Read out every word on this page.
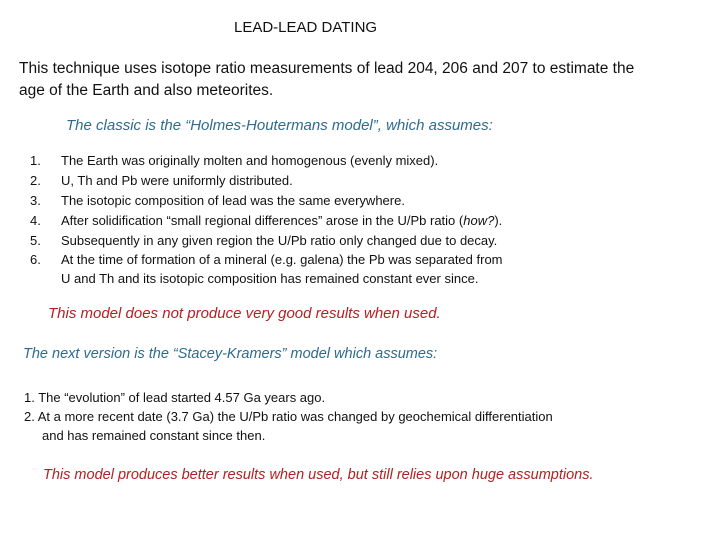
LEAD-LEAD DATING
This technique uses isotope ratio measurements of lead 204, 206 and 207 to estimate the
age of the Earth and also meteorites.
The classic is the “Holmes-Houtermans model”, which assumes:
1. The Earth was originally molten and homogenous (evenly mixed).
2. U, Th and Pb were uniformly distributed.
3. The isotopic composition of lead was the same everywhere.
4. After solidification “small regional differences” arose in the U/Pb ratio (how?).
5. Subsequently in any given region the U/Pb ratio only changed due to decay.
6. At the time of formation of a mineral (e.g. galena) the Pb was separated from
U and Th and its isotopic composition has remained constant ever since.
This model does not produce very good results when used.
The next version is the “Stacey-Kramers” model which assumes:
1. The “evolution” of lead started 4.57 Ga years ago.
2. At a more recent date (3.7 Ga) the U/Pb ratio was changed by geochemical differentiation
and has remained constant since then.
This model produces better results when used, but still relies upon huge assumptions.
